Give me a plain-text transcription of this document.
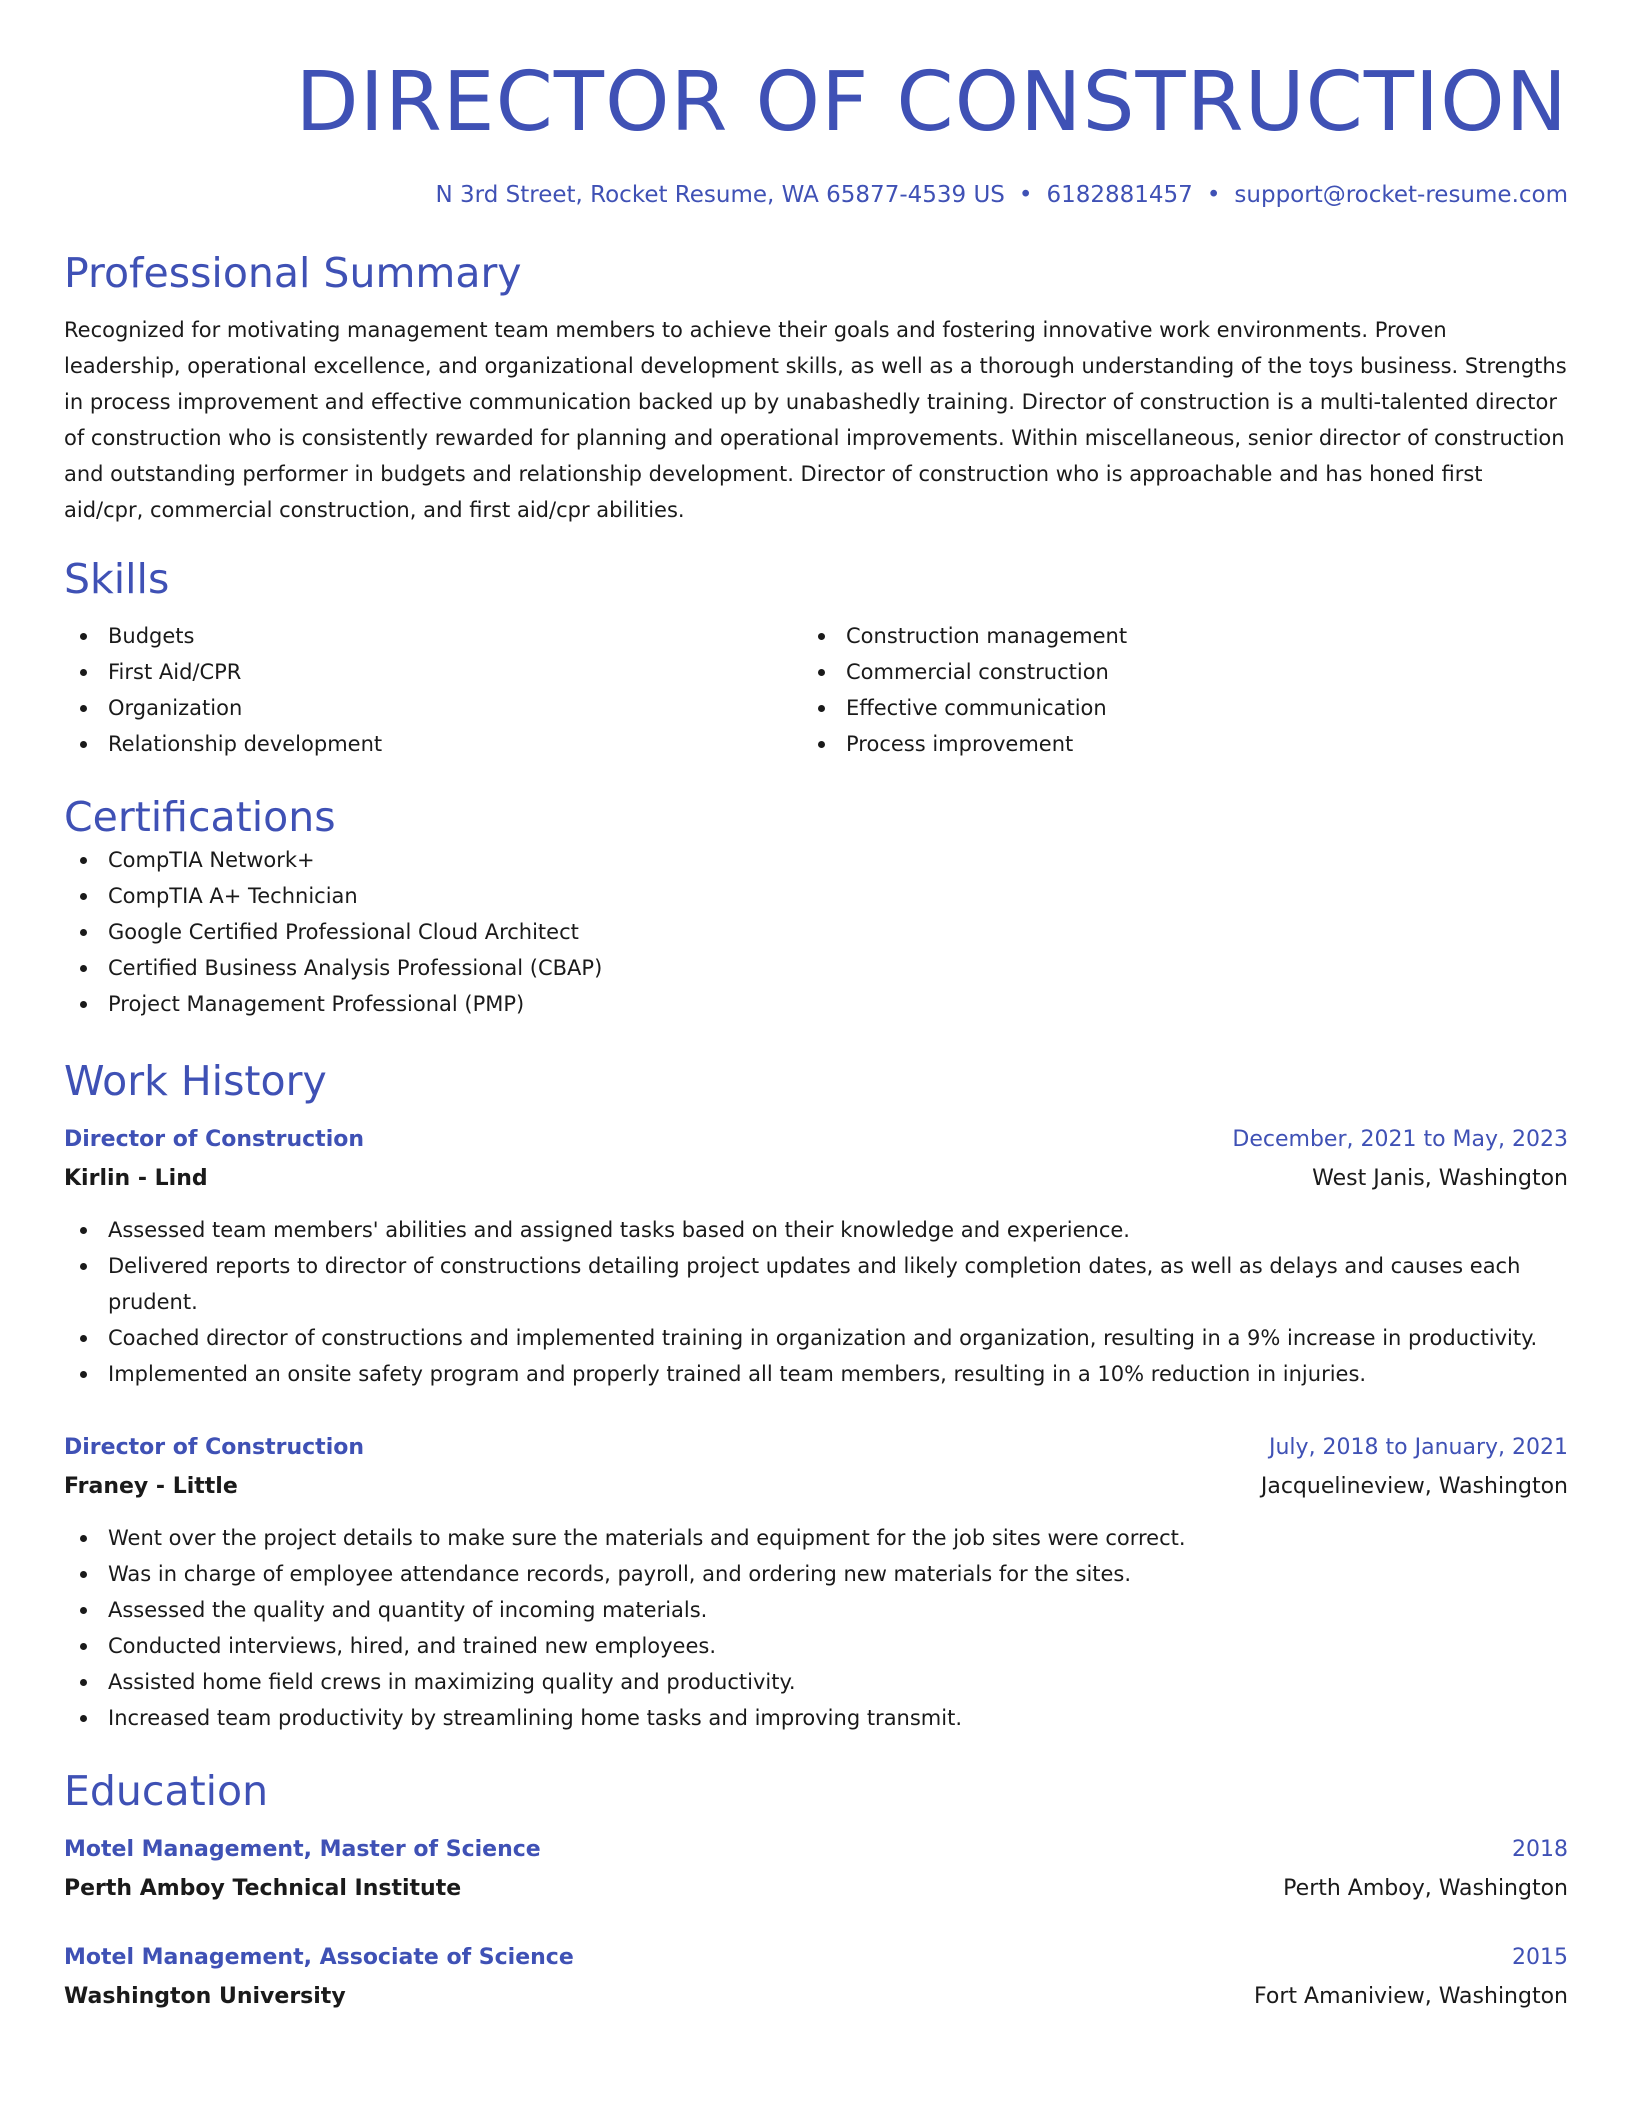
DIRECTOR OF CONSTRUCTION
N 3rd Street, Rocket Resume, WA 65877-4539 US • 6182881457 • support@rocket-resume.com
Professional Summary

Recognized for motivating management team members to achieve their goals and fostering innovative work environments. Proven leadership, operational excellence, and organizational development skills, as well as a thorough understanding of the toys business. Strengths in process improvement and effective communication backed up by unabashedly training. Director of construction is a multi-talented director of construction who is consistently rewarded for planning and operational improvements. Within miscellaneous, senior director of construction and outstanding performer in budgets and relationship development. Director of construction who is approachable and has honed first aid/cpr, commercial construction, and first aid/cpr abilities.

Skills
Budgets
First Aid/CPR
Organization
Relationship development
Construction management
Commercial construction
Effective communication
Process improvement
Certifications
CompTIA Network+
CompTIA A+ Technician
Google Certified Professional Cloud Architect
Certified Business Analysis Professional (CBAP)
Project Management Professional (PMP)
Work History
Director of Construction	December, 2021 to May, 2023
Kirlin - Lind	West Janis, Washington
Assessed team members' abilities and assigned tasks based on their knowledge and experience.
Delivered reports to director of constructions detailing project updates and likely completion dates, as well as delays and causes each prudent.
Coached director of constructions and implemented training in organization and organization, resulting in a 9% increase in productivity.
Implemented an onsite safety program and properly trained all team members, resulting in a 10% reduction in injuries.
Director of Construction	July, 2018 to January, 2021
Franey - Little	Jacquelineview, Washington
Went over the project details to make sure the materials and equipment for the job sites were correct.
Was in charge of employee attendance records, payroll, and ordering new materials for the sites.
Assessed the quality and quantity of incoming materials.
Conducted interviews, hired, and trained new employees.
Assisted home field crews in maximizing quality and productivity.
Increased team productivity by streamlining home tasks and improving transmit.
Education
Motel Management, Master of Science	2018
Perth Amboy Technical Institute	Perth Amboy, Washington
Motel Management, Associate of Science	2015
Washington University	Fort Amaniview, Washington
